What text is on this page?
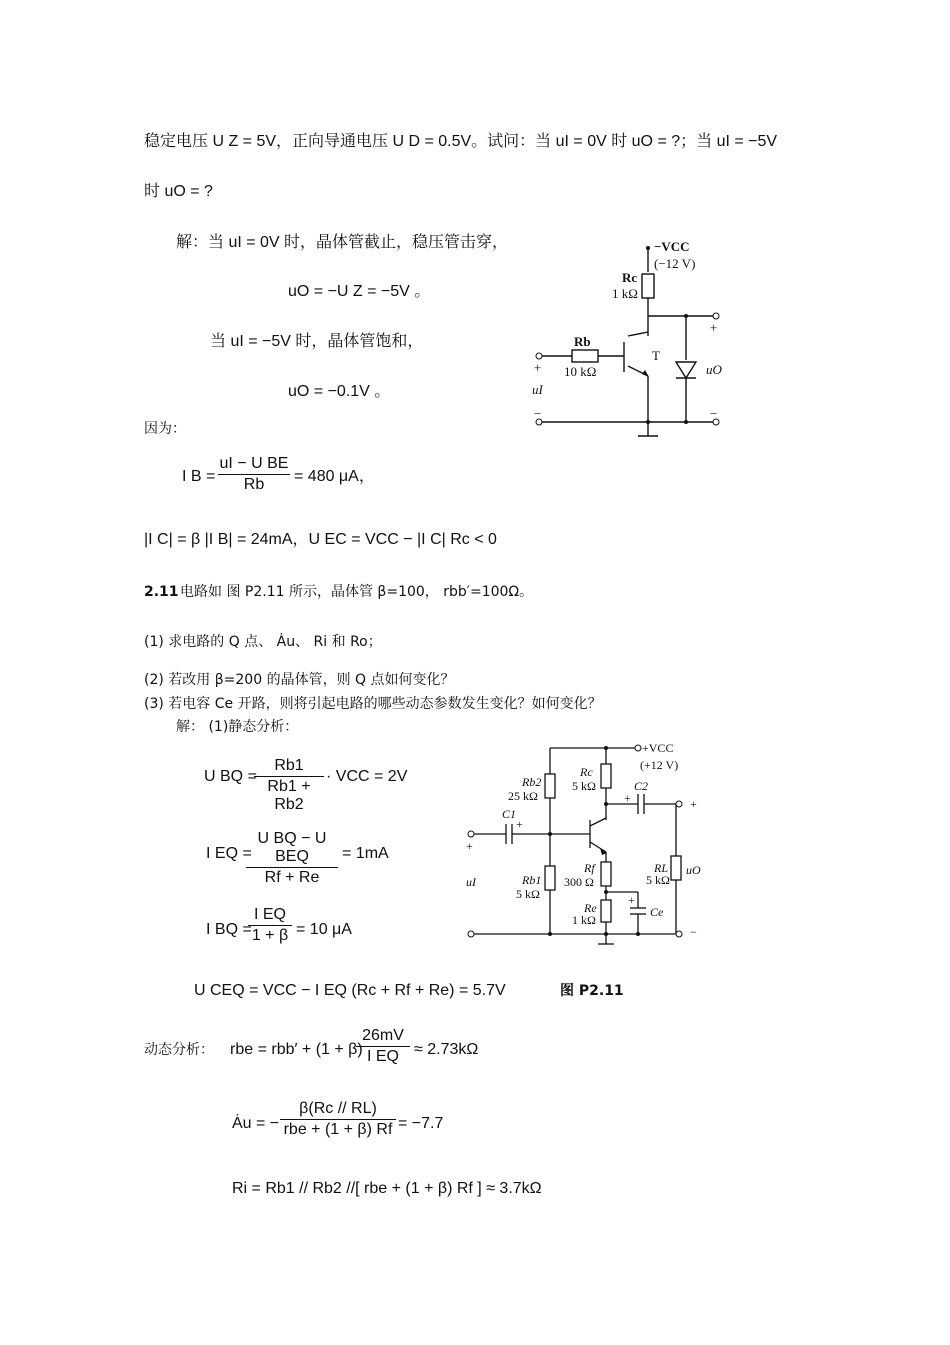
稳定电压 U Z = 5V，正向导通电压 U D = 0.5V。试问：当 uI = 0V 时 uO = ?；当 uI = −5V
时 uO = ?
解：当 uI = 0V 时，晶体管截止，稳压管击穿，
uO = −U Z = −5V 。
当 uI = −5V 时，晶体管饱和，
uO = −0.1V 。
因为：
I B =
uI − U BE
Rb	= 480 μA，
|I C| = β |I B| = 24mA，U EC = VCC − |I C| Rc < 0
2.11 电路如 图 P2.11 所示，晶体管 β=100， rbb′=100Ω。
(1) 求电路的 Q 点、 Ȧu、 Ri 和 Ro；
(2) 若改用 β=200 的晶体管，则 Q 点如何变化？
(3) 若电容 Ce 开路，则将引起电路的哪些动态参数发生变化？如何变化？
解： (1)静态分析：
U BQ =
Rb1
Rb1 + Rb2
· VCC = 2V
I EQ =
U BQ − U BEQ
Rf + Re
= 1mA
I BQ =
I EQ
1 + β = 10 μA
U CEQ = VCC − I EQ (Rc + Rf + Re) = 5.7V	图 P2.11
动态分析： rbe = rbb′ + (1 + β)
26mV
I EQ ≈ 2.73kΩ
Ȧu = −
β(Rc // RL)
rbe + (1 + β) Rf = −7.7
Ri = Rb1 // Rb2 //[ rbe + (1 + β) Rf ] ≈ 3.7kΩ
−VCC
(−12 V)
Rc
1 kΩ
Rb
10 kΩ
T
+
uI
−
+
uO
−
+VCC
(+12 V)
Rb2
25 kΩ
Rc
5 kΩ	C2
+	+
C1
+
+
Rf
300 Ω
RL
5 kΩ
uO
uI	Rb1
5 kΩ
Re
1 kΩ
+
Ce
−
